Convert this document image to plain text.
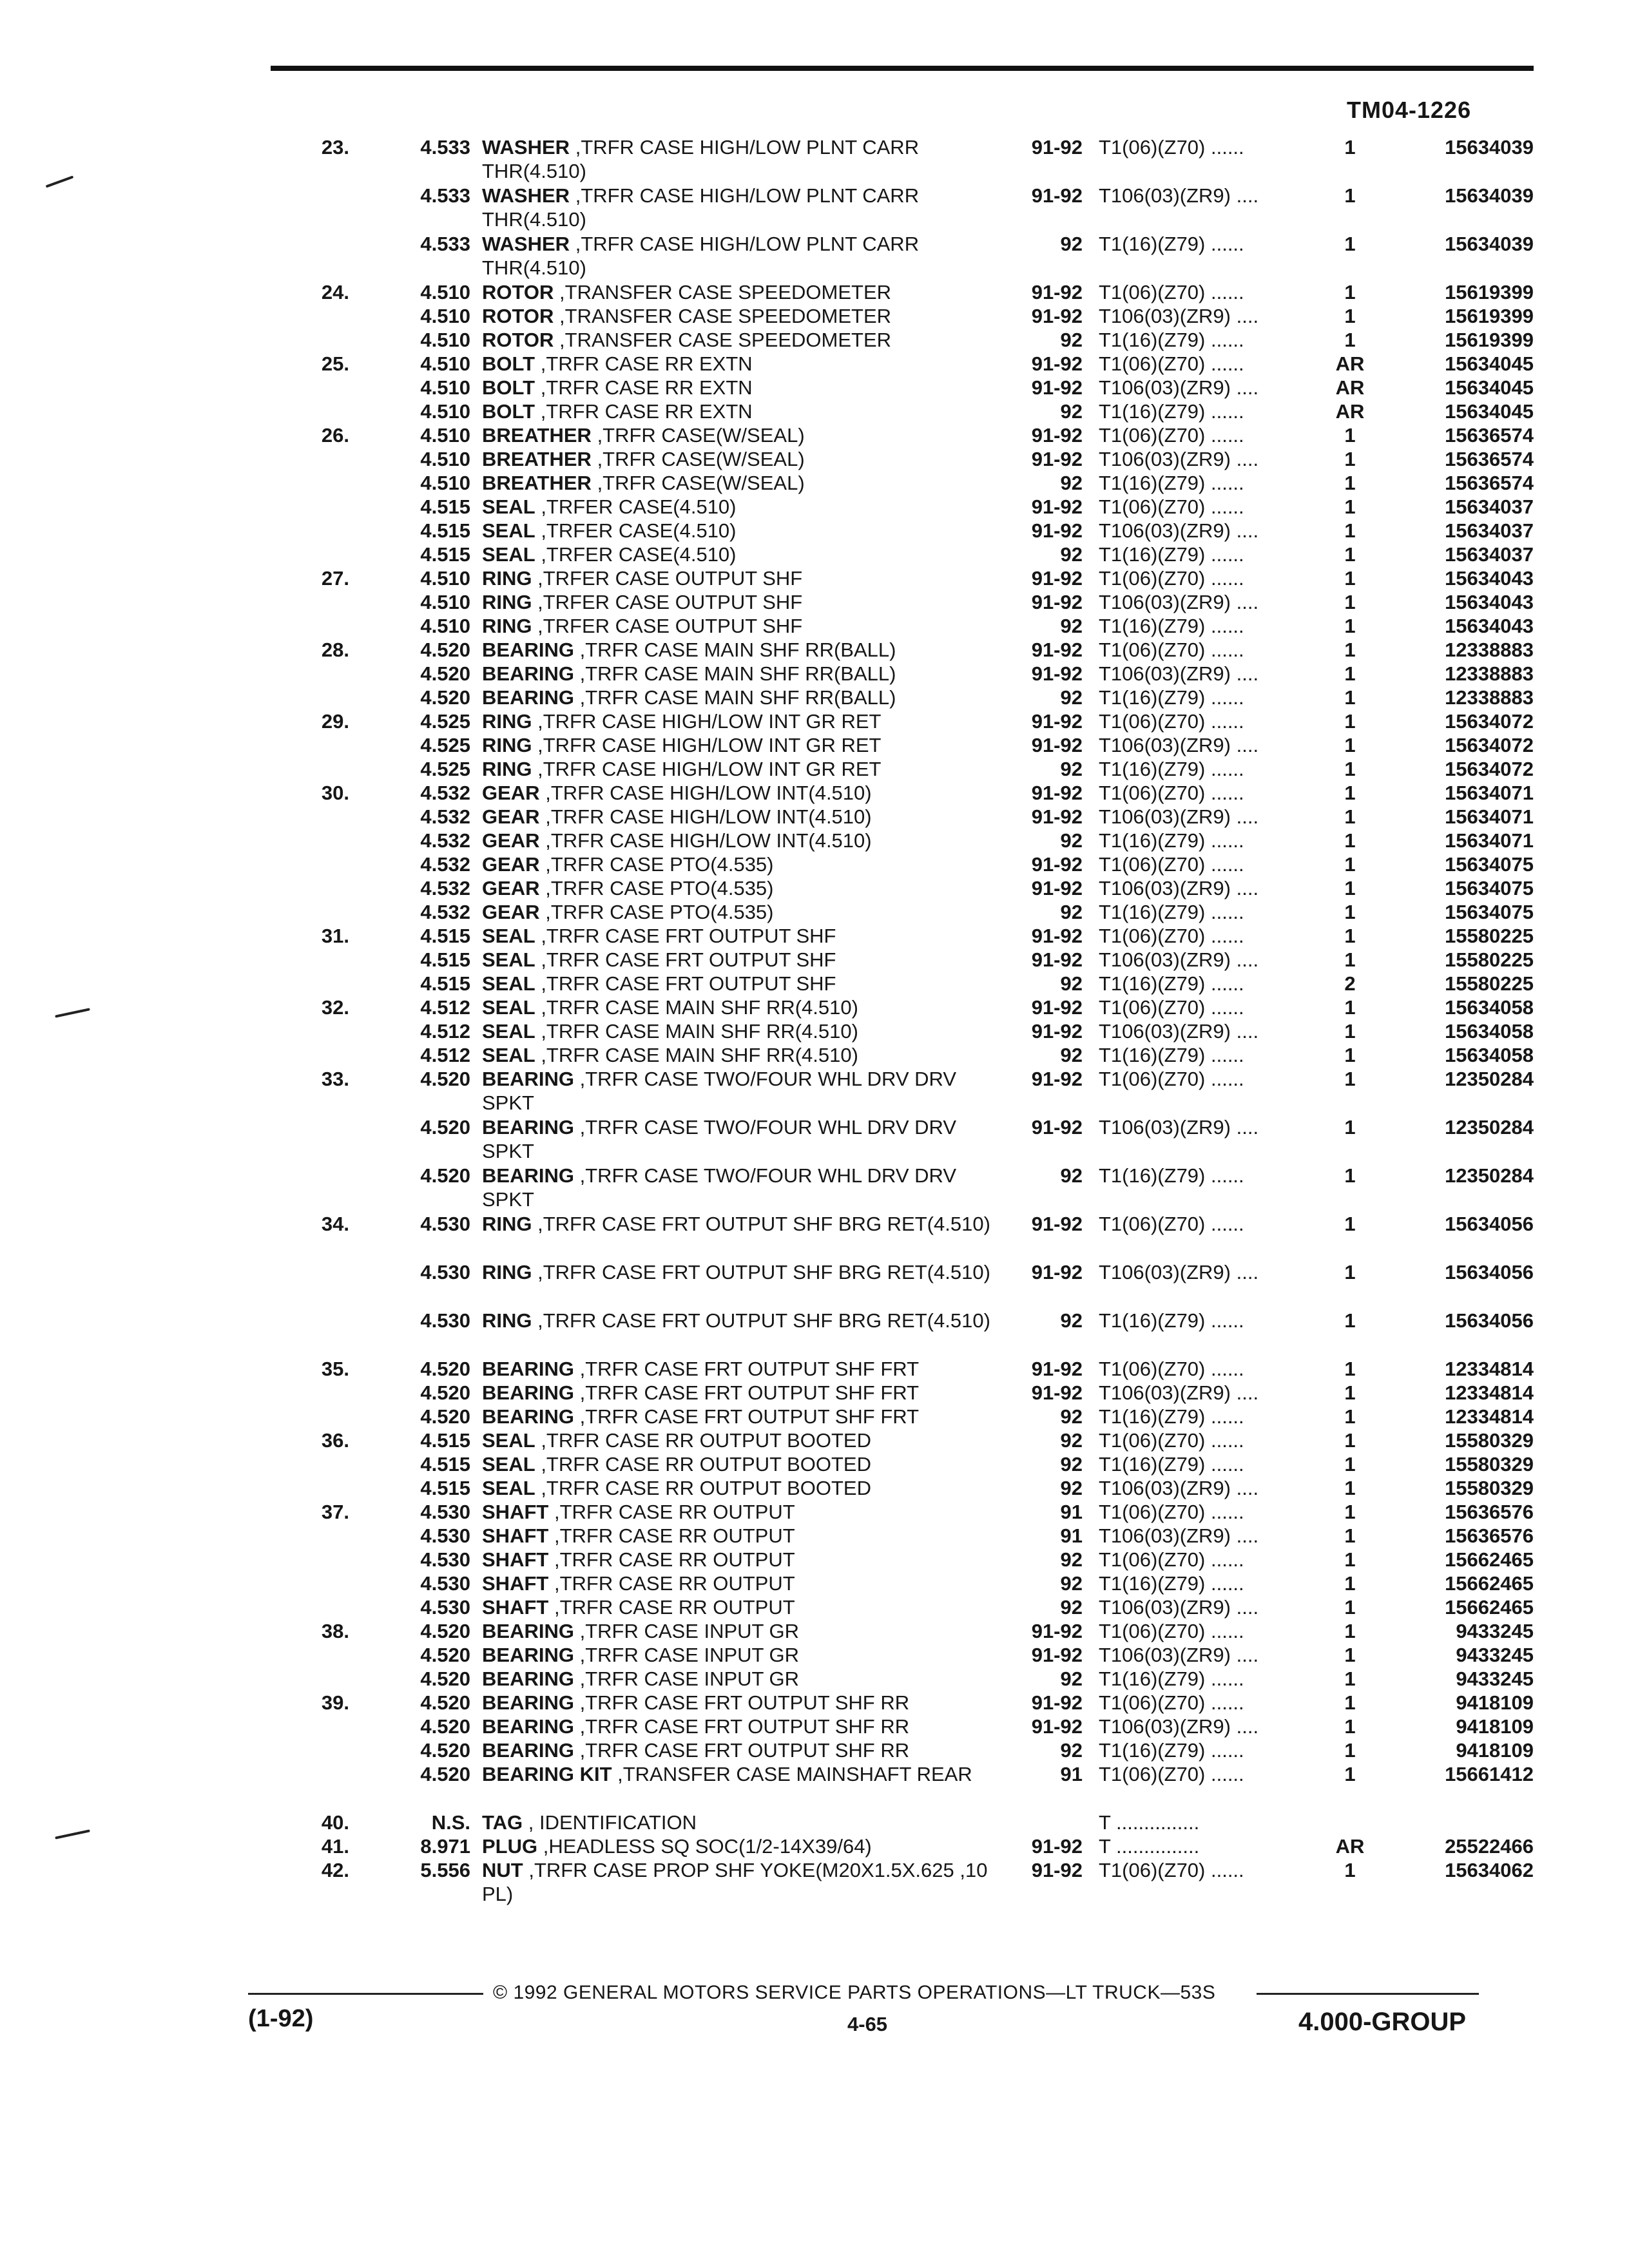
TM04-1226
23.	4.533 WASHER ,TRFR CASE HIGH/LOW PLNT CARR THR(4.510)
91-92 T1(06)(Z70) ......	1	15634039
4.533 WASHER ,TRFR CASE HIGH/LOW PLNT CARR THR(4.510)
91-92 T106(03)(ZR9) ....	1	15634039
4.533 WASHER ,TRFR CASE HIGH/LOW PLNT CARR THR(4.510)
92 T1(16)(Z79) ......	1	15634039
24.	4.510 ROTOR ,TRANSFER CASE SPEEDOMETER	91-92 T1(06)(Z70) ......	1	15619399
4.510 ROTOR ,TRANSFER CASE SPEEDOMETER	91-92 T106(03)(ZR9) ....	1	15619399
4.510 ROTOR ,TRANSFER CASE SPEEDOMETER	92 T1(16)(Z79) ......	1	15619399
25.	4.510 BOLT ,TRFR CASE RR EXTN	91-92 T1(06)(Z70) ......	AR	15634045
4.510 BOLT ,TRFR CASE RR EXTN	91-92 T106(03)(ZR9) ....	AR	15634045
4.510 BOLT ,TRFR CASE RR EXTN	92 T1(16)(Z79) ......	AR	15634045
26.	4.510 BREATHER ,TRFR CASE(W/SEAL)	91-92 T1(06)(Z70) ......	1	15636574
4.510 BREATHER ,TRFR CASE(W/SEAL)	91-92 T106(03)(ZR9) ....	1	15636574
4.510 BREATHER ,TRFR CASE(W/SEAL)	92 T1(16)(Z79) ......	1	15636574
4.515 SEAL ,TRFER CASE(4.510)	91-92 T1(06)(Z70) ......	1	15634037
4.515 SEAL ,TRFER CASE(4.510)	91-92 T106(03)(ZR9) ....	1	15634037
4.515 SEAL ,TRFER CASE(4.510)	92 T1(16)(Z79) ......	1	15634037
27.	4.510 RING ,TRFER CASE OUTPUT SHF	91-92 T1(06)(Z70) ......	1	15634043
4.510 RING ,TRFER CASE OUTPUT SHF	91-92 T106(03)(ZR9) ....	1	15634043
4.510 RING ,TRFER CASE OUTPUT SHF	92 T1(16)(Z79) ......	1	15634043
28.	4.520 BEARING ,TRFR CASE MAIN SHF RR(BALL)	91-92 T1(06)(Z70) ......	1	12338883
4.520 BEARING ,TRFR CASE MAIN SHF RR(BALL)	91-92 T106(03)(ZR9) ....	1	12338883
4.520 BEARING ,TRFR CASE MAIN SHF RR(BALL)	92 T1(16)(Z79) ......	1	12338883
29.	4.525 RING ,TRFR CASE HIGH/LOW INT GR RET	91-92 T1(06)(Z70) ......	1	15634072
4.525 RING ,TRFR CASE HIGH/LOW INT GR RET	91-92 T106(03)(ZR9) ....	1	15634072
4.525 RING ,TRFR CASE HIGH/LOW INT GR RET	92 T1(16)(Z79) ......	1	15634072
30.	4.532 GEAR ,TRFR CASE HIGH/LOW INT(4.510)	91-92 T1(06)(Z70) ......	1	15634071
4.532 GEAR ,TRFR CASE HIGH/LOW INT(4.510)	91-92 T106(03)(ZR9) ....	1	15634071
4.532 GEAR ,TRFR CASE HIGH/LOW INT(4.510)	92 T1(16)(Z79) ......	1	15634071
4.532 GEAR ,TRFR CASE PTO(4.535)	91-92 T1(06)(Z70) ......	1	15634075
4.532 GEAR ,TRFR CASE PTO(4.535)	91-92 T106(03)(ZR9) ....	1	15634075
4.532 GEAR ,TRFR CASE PTO(4.535)	92 T1(16)(Z79) ......	1	15634075
31.	4.515 SEAL ,TRFR CASE FRT OUTPUT SHF	91-92 T1(06)(Z70) ......	1	15580225
4.515 SEAL ,TRFR CASE FRT OUTPUT SHF	91-92 T106(03)(ZR9) ....	1	15580225
4.515 SEAL ,TRFR CASE FRT OUTPUT SHF	92 T1(16)(Z79) ......	2	15580225
32.	4.512 SEAL ,TRFR CASE MAIN SHF RR(4.510)	91-92 T1(06)(Z70) ......	1	15634058
4.512 SEAL ,TRFR CASE MAIN SHF RR(4.510)	91-92 T106(03)(ZR9) ....	1	15634058
4.512 SEAL ,TRFR CASE MAIN SHF RR(4.510)	92 T1(16)(Z79) ......	1	15634058
33.	4.520 BEARING ,TRFR CASE TWO/FOUR WHL DRV DRV SPKT
91-92 T1(06)(Z70) ......	1	12350284
4.520 BEARING ,TRFR CASE TWO/FOUR WHL DRV DRV SPKT
91-92 T106(03)(ZR9) ....	1	12350284
4.520 BEARING ,TRFR CASE TWO/FOUR WHL DRV DRV SPKT
92 T1(16)(Z79) ......	1	12350284
34.	4.530 RING ,TRFR CASE FRT OUTPUT SHF BRG RET(4.510)	91-92 T1(06)(Z70) ......	1	15634056
4.530 RING ,TRFR CASE FRT OUTPUT SHF BRG RET(4.510)	91-92 T106(03)(ZR9) ....	1	15634056
4.530 RING ,TRFR CASE FRT OUTPUT SHF BRG RET(4.510)	92 T1(16)(Z79) ......	1	15634056
35.	4.520 BEARING ,TRFR CASE FRT OUTPUT SHF FRT	91-92 T1(06)(Z70) ......	1	12334814
4.520 BEARING ,TRFR CASE FRT OUTPUT SHF FRT	91-92 T106(03)(ZR9) ....	1	12334814
4.520 BEARING ,TRFR CASE FRT OUTPUT SHF FRT	92 T1(16)(Z79) ......	1	12334814
36.	4.515 SEAL ,TRFR CASE RR OUTPUT BOOTED	92 T1(06)(Z70) ......	1	15580329
4.515 SEAL ,TRFR CASE RR OUTPUT BOOTED	92 T1(16)(Z79) ......	1	15580329
4.515 SEAL ,TRFR CASE RR OUTPUT BOOTED	92 T106(03)(ZR9) ....	1	15580329
37.	4.530 SHAFT ,TRFR CASE RR OUTPUT	91 T1(06)(Z70) ......	1	15636576
4.530 SHAFT ,TRFR CASE RR OUTPUT	91 T106(03)(ZR9) ....	1	15636576
4.530 SHAFT ,TRFR CASE RR OUTPUT	92 T1(06)(Z70) ......	1	15662465
4.530 SHAFT ,TRFR CASE RR OUTPUT	92 T1(16)(Z79) ......	1	15662465
4.530 SHAFT ,TRFR CASE RR OUTPUT	92 T106(03)(ZR9) ....	1	15662465
38.	4.520 BEARING ,TRFR CASE INPUT GR	91-92 T1(06)(Z70) ......	1	9433245
4.520 BEARING ,TRFR CASE INPUT GR	91-92 T106(03)(ZR9) ....	1	9433245
4.520 BEARING ,TRFR CASE INPUT GR	92 T1(16)(Z79) ......	1	9433245
39.	4.520 BEARING ,TRFR CASE FRT OUTPUT SHF RR	91-92 T1(06)(Z70) ......	1	9418109
4.520 BEARING ,TRFR CASE FRT OUTPUT SHF RR	91-92 T106(03)(ZR9) ....	1	9418109
4.520 BEARING ,TRFR CASE FRT OUTPUT SHF RR	92 T1(16)(Z79) ......	1	9418109
4.520 BEARING KIT ,TRANSFER CASE MAINSHAFT REAR	91 T1(06)(Z70) ......	1	15661412
40.	N.S. TAG , IDENTIFICATION	T ...............
41.	8.971 PLUG ,HEADLESS SQ SOC(1/2-14X39/64)	91-92 T ...............	AR	25522466
42.	5.556 NUT ,TRFR CASE PROP SHF YOKE(M20X1.5X.625 ,10 PL)
91-92 T1(06)(Z70) ......	1	15634062
© 1992 GENERAL MOTORS SERVICE PARTS OPERATIONS—LT TRUCK—53S
(1-92)	4-65	4.000-GROUP
